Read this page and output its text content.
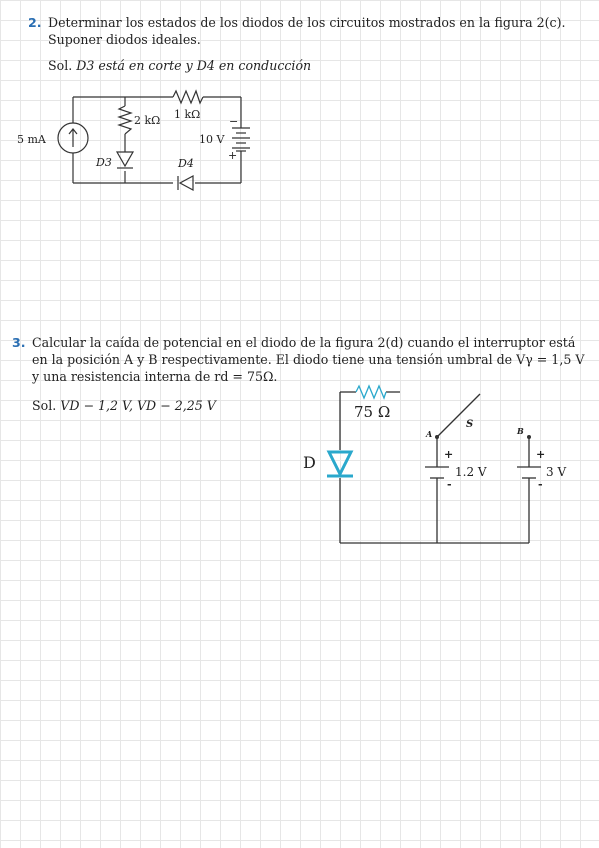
2. Determinar los estados de los diodos de los circuitos mostrados en la figura 2(c). Suponer diodos ideales.
Sol. D3 está en corte y D4 en conducción
5 mA
2 kΩ 1 kΩ
10 V
−
+
D3	D4
3. Calcular la caída de potencial en el diodo de la figura 2(d) cuando el interruptor está en la posición A y B respectivamente. El diodo tiene una tensión umbral de Vγ = 1,5 V y una resistencia interna de rd = 75Ω.
Sol. VD − 1,2 V, VD − 2,25 V	75 Ω
D
S
A	B
+
-
1.2 V
+
-
3 V
